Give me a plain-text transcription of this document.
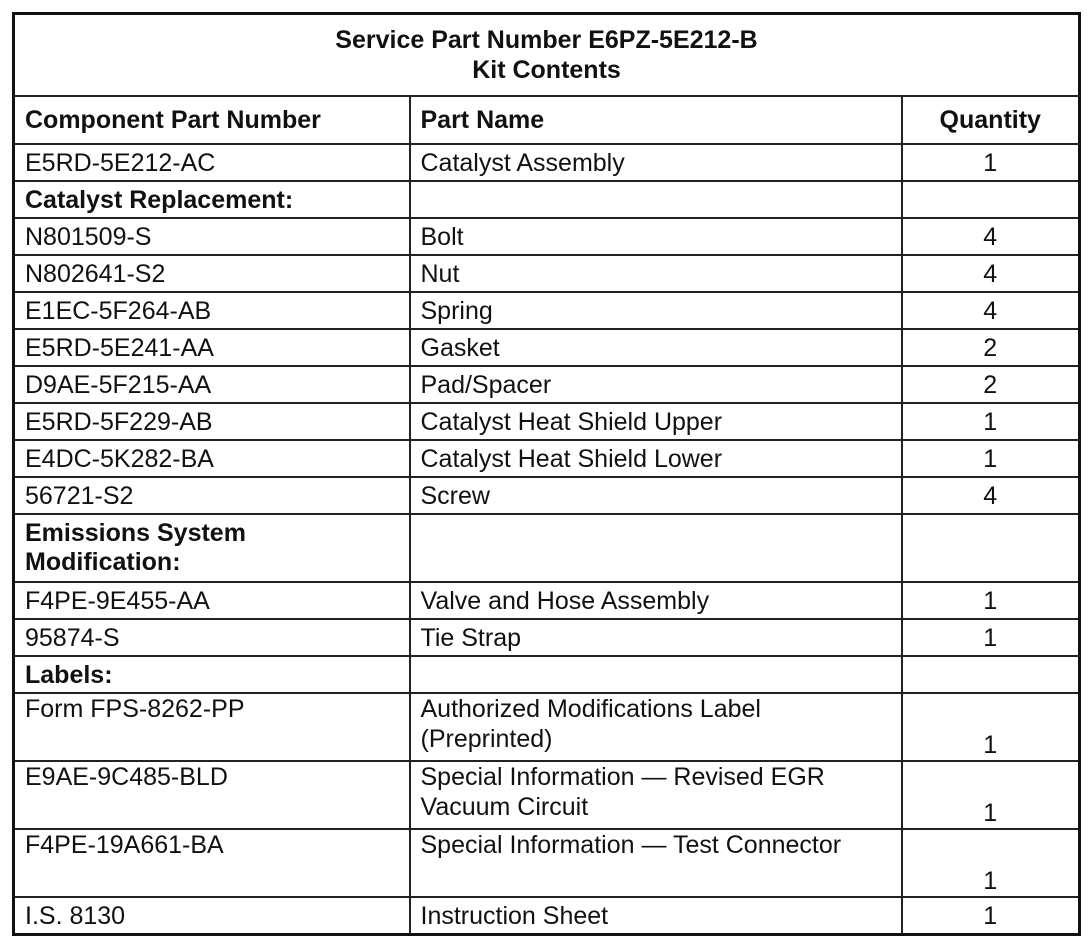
Service Part Number E6PZ-5E212-B
Kit Contents		

Component Part Number	Part Name	Quantity
E5RD-5E212-AC	Catalyst Assembly	1
Catalyst Replacement:		
N801509-S	Bolt	4
N802641-S2	Nut	4
E1EC-5F264-AB	Spring	4
E5RD-5E241-AA	Gasket	2
D9AE-5F215-AA	Pad/Spacer	2
E5RD-5F229-AB	Catalyst Heat Shield Upper	1
E4DC-5K282-BA	Catalyst Heat Shield Lower	1
56721-S2	Screw	4
Emissions System Modification:		
F4PE-9E455-AA	Valve and Hose Assembly	1
95874-S	Tie Strap	1
Labels:		
Form FPS-8262-PP	Authorized Modifications Label (Preprinted)	1
E9AE-9C485-BLD	Special Information — Revised EGR Vacuum Circuit	1
F4PE-19A661-BA	Special Information — Test Connector	1
I.S. 8130	Instruction Sheet	1
